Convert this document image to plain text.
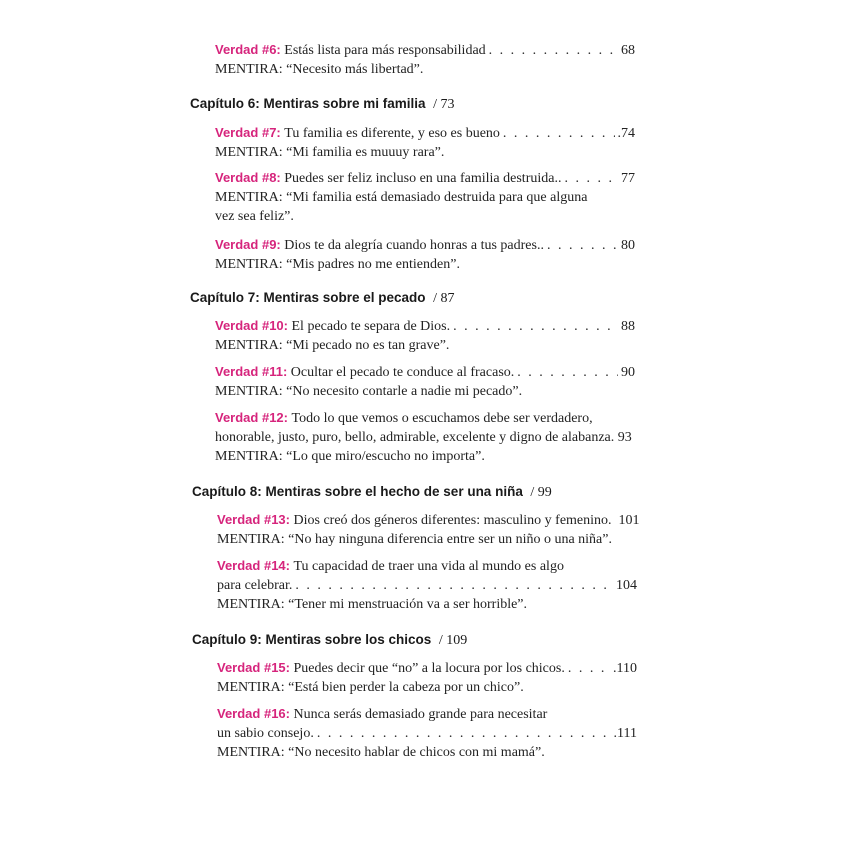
Verdad #6:
Estás lista para más responsabilidad . . .	68
MENTIRA: “Necesito más libertad”.
Capítulo 6: Mentiras sobre mi familia / 73
Verdad #7:
Tu familia es diferente, y eso es bueno . . .	.74
MENTIRA: “Mi familia es muuuy rara”.
Verdad #8:
Puedes ser feliz incluso en una familia destruida.. . . .	77
MENTIRA: “Mi familia está demasiado destruida para que alguna
vez sea feliz”.
Verdad #9:
Dios te da alegría cuando honras a tus padres.. . . .	80
MENTIRA: “Mis padres no me entienden”.
Capítulo 7: Mentiras sobre el pecado / 87
Verdad #10:
El pecado te separa de Dios. . . .	88
MENTIRA: “Mi pecado no es tan grave”.
Verdad #11:
Ocultar el pecado te conduce al fracaso. . . .	90
MENTIRA: “No necesito contarle a nadie mi pecado”.
Verdad #12: Todo lo que vemos o escuchamos debe ser verdadero,
honorable, justo, puro, bello, admirable, excelente y digno de alabanza. 93
MENTIRA: “Lo que miro/escucho no importa”.
Capítulo 8: Mentiras sobre el hecho de ser una niña / 99
Verdad #13: Dios creó dos géneros diferentes: masculino y femenino. 101
MENTIRA: “No hay ninguna diferencia entre ser un niño o una niña”.
Verdad #14: Tu capacidad de traer una vida al mundo es algo
para celebrar. . . .	104
MENTIRA: “Tener mi menstruación va a ser horrible”.
Capítulo 9: Mentiras sobre los chicos / 109
Verdad #15:
Puedes decir que “no” a la locura por los chicos. . . .	.110
MENTIRA: “Está bien perder la cabeza por un chico”.
Verdad #16: Nunca serás demasiado grande para necesitar
un sabio consejo. . . .	.111
MENTIRA: “No necesito hablar de chicos con mi mamá”.
